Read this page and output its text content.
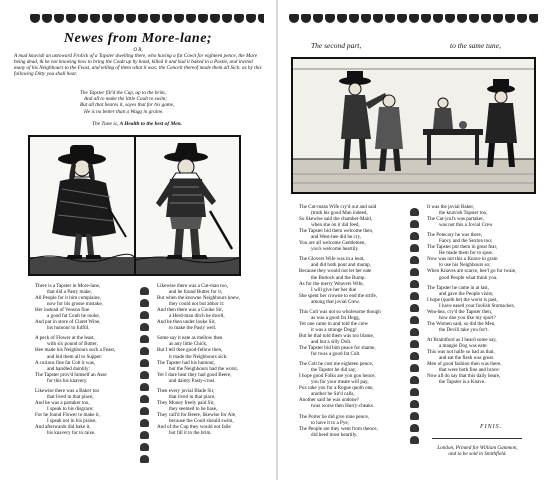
Newes from More-lane;
O R,
A mad knavish an untoward Frolick of a Tapster dwelling there, who having a fat Cowit for eighteen pence, the Mare being dead, & he not knowing how to bring the Coult up by hand, killed it and had it baked in a Pastie, and invited many of his Neighbours to the Feast, and telling of them what it was; the Conceit thereof made them all Sick: as by this following Ditty you shall hear.
The Tapster fill'd the Cup, up to the brim,
And all to make the little Coult to swim;
But all that heares it, sayes that for his game,
He is no better than a Wagg in graine.
The Tune is, A Health to the best of Men.

There is a Tapster in More-lane,
that did a Pasty make,
All People for it him complaine,
now for his grosse mistake,
Her instead of Venson fine
a good fat Coult he tooke,
And put in store of Claret Wine,
his humour to fulfill.

A peck of Flower at the least,
with six pound of Butter,
Hee made his Neighbours such a Feast,
and bid them all to Supper:
A curious fine fat Colt it was,
and handled daintily:
The Tapster prov'd himself an Asse
for this his knavery.

Likewise there was a Baker too
that lived in that place,
And he was a partaker too,
I speak to his disgrace;
For he found Flower to make it,
I speak not in his praise,
And afterwards did bake it,
his knavery for to raise.

Likewise there was a Cut-man too,
and he found Butter for it,
But when the knowne Neighbours knew,
they could not but abhor it:
And then there was a Cooke Sir,
a Herd-man ditch he dwell,
And he then under looke Sir,
to make the Pasty well.

Some say it eate as mellow then
as any little Chick,
But I tell thee good-fellow then,
it made the Neighbours sick:
The Tapster had his humour,
but the Neighbours had the worst,
Yet I dare hear they had good Beere,
and dainty Pasty-crust.

Then every jovial Blade Sir,
that lived in that place,
They Money freely paid Sir,
they seemed to be base,
They call'd for Beere, likewise for Ale,
because the Coult should swim,
And of the Cup they would not faile
but fill it to the brim.

The second part,	to the same tune,

The Cut-mans Wife cry'd out and said
(truth his good Man indeed,
So likewise said the chamber-Maid,
when she on it did feed,
The Tapster bid them welcome then,
and West-hee did he cry,
You are all welcome Gentlemen,
you's welcome heartily.

The Glovers Wife was in a heat,
and did both pout and mump,
Because they would not let her eate
the Buttock and the Rump.
As for the merry Weavers Wife,
I will give her her due
She spent her crowne to end the strife,
among that jovial Crew.

This Colt was not so wholesome though
as was a good fat Hogg,
Yet one came in and told the crew
it was a strange Dogg!
But he that told them was too blame,
and but a silly Dolt.
The Tapster bid him peace for shame,
for twas a good fat Colt.

The Colt he cost me eighteen pence,
the Tapster he did say,
I hope good Folks are you gon hence,
you for your meate will pay,
Pox take you for a Rogue quoth one,
another he Sit'd calls,
Another said he was undone?
twas worse then Hurry-cheaks.

The Porter he did give nine pence,
to have it to a Pye,
The People are they went from thence,
did heed most heartily.

It was the jovial Baker,
the knavish Tapster too,
The Cut-jcul's was partaker,
was not this a Jovial Crew

The Potecary he was there,
Fancy and the Sexton too;
The Tapster put them in great fear,
He made them for to spue.
Now was not this a Knave in grain
to use his Neighbours so;
When Knaves are scarce, hee'l go for twaie,
good People what think you.

The Tapster he came in at last,
and gave the People visits;
I hope (quoth he) the worst is past,
I have eased your foolish Stomackes,
Wea-hea, cry'd the Tapster then,
how doe you like my sport?
The Women said, so did the Men,
the Devill take you for't.

At Braintford as I heard some say,
a mangie Dog was eate:
This was not halfe so bad as that,
and eat the flesh was great.
Men of good fashion then was there,
that were both fine and brave:
Now all do say that this daily heare,
the Tapster is a Knave.

FINIS.
London, Printed for William Gammon,
and to be sold in Smithfield.
